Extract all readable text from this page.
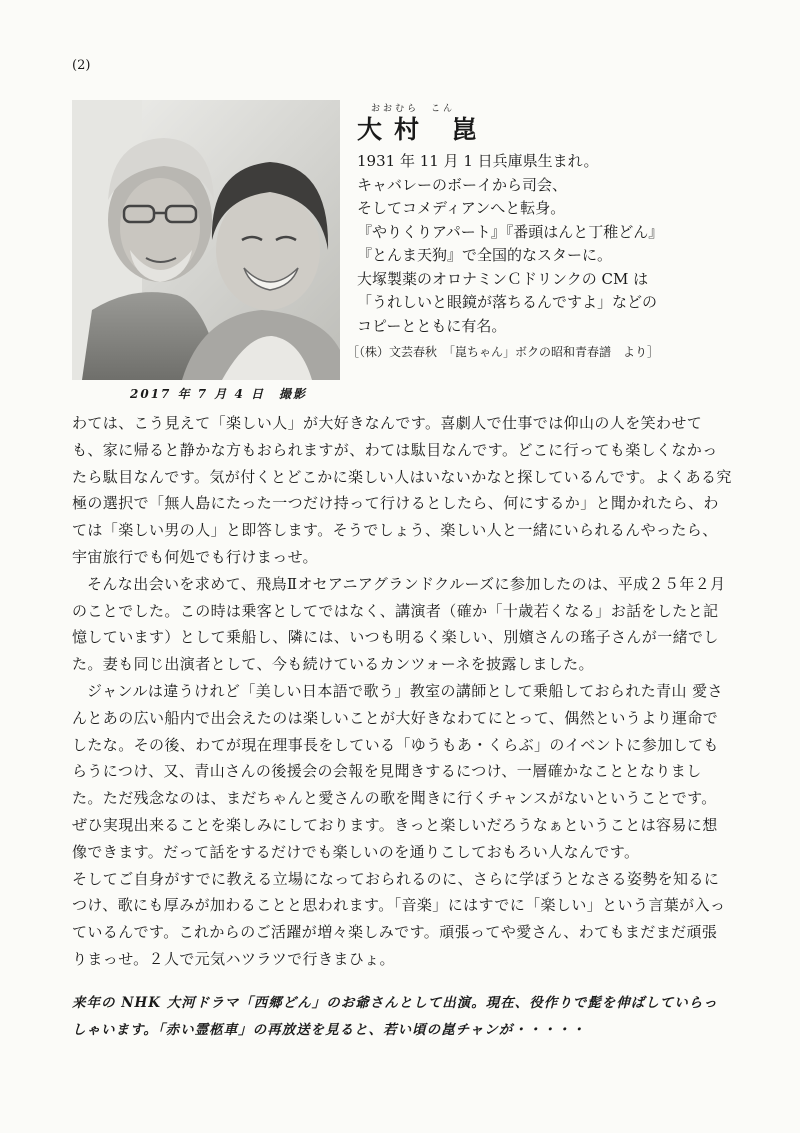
(2)
2017 年 7 月 4 日　撮影
おおむら　こん
大村 崑
1931 年 11 月 1 日兵庫県生まれ。
キャバレーのボーイから司会、
そしてコメディアンへと転身。
『やりくりアパート』『番頭はんと丁稚どん』
『とんま天狗』で全国的なスターに。
大塚製薬のオロナミンＣドリンクの CM は
「うれしいと眼鏡が落ちるんですよ」などの
コピーとともに有名。
［（株）文芸春秋　「崑ちゃん」ボクの昭和青春譜　より］

わては、こう見えて「楽しい人」が大好きなんです。喜劇人で仕事では仰山の人を笑わせても、家に帰ると静かな方もおられますが、わては駄目なんです。どこに行っても楽しくなかったら駄目なんです。気が付くとどこかに楽しい人はいないかなと探しているんです。よくある究極の選択で「無人島にたった一つだけ持って行けるとしたら、何にするか」と聞かれたら、わては「楽しい男の人」と即答します。そうでしょう、楽しい人と一緒にいられるんやったら、宇宙旅行でも何処でも行けまっせ。

そんな出会いを求めて、飛鳥Ⅱオセアニアグランドクルーズに参加したのは、平成２５年２月のことでした。この時は乗客としてではなく、講演者（確か「十歳若くなる」お話をしたと記憶しています）として乗船し、隣には、いつも明るく楽しい、別嬪さんの瑤子さんが一緒でした。妻も同じ出演者として、今も続けているカンツォーネを披露しました。

ジャンルは違うけれど「美しい日本語で歌う」教室の講師として乗船しておられた青山 愛さんとあの広い船内で出会えたのは楽しいことが大好きなわてにとって、偶然というより運命でしたな。その後、わてが現在理事長をしている「ゆうもあ・くらぶ」のイベントに参加してもらうにつけ、又、青山さんの後援会の会報を見聞きするにつけ、一層確かなこととなりました。ただ残念なのは、まだちゃんと愛さんの歌を聞きに行くチャンスがないということです。ぜひ実現出来ることを楽しみにしております。きっと楽しいだろうなぁということは容易に想像できます。だって話をするだけでも楽しいのを通りこしておもろい人なんです。

そしてご自身がすでに教える立場になっておられるのに、さらに学ぼうとなさる姿勢を知るにつけ、歌にも厚みが加わることと思われます。「音楽」にはすでに「楽しい」という言葉が入っているんです。これからのご活躍が増々楽しみです。頑張ってや愛さん、わてもまだまだ頑張りまっせ。２人で元気ハツラツで行きまひょ。

来年の NHK 大河ドラマ「西郷どん」のお爺さんとして出演。現在、役作りで髭を伸ばしていらっしゃいます。「赤い霊柩車」の再放送を見ると、若い頃の崑チャンが・・・・・
